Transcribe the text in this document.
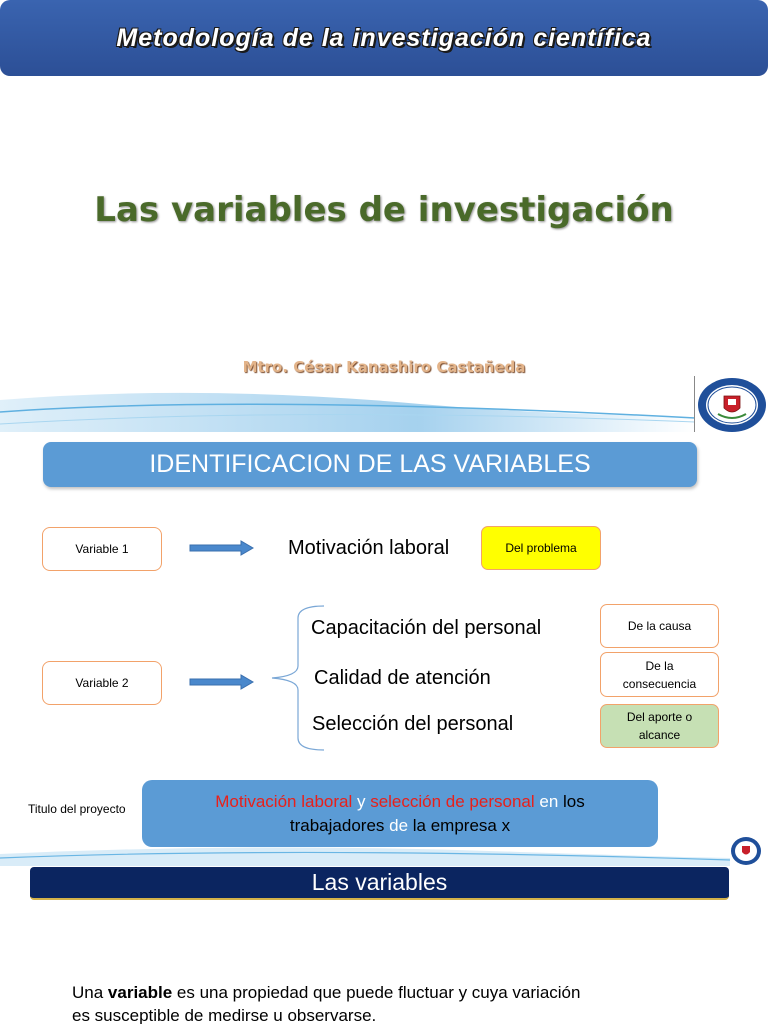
Metodología de la investigación científica
Las variables de investigación
Mtro. César Kanashiro Castañeda
IDENTIFICACION DE LAS VARIABLES
Variable 1	Motivación laboral	Del problema
Variable 2
Capacitación del personal
Calidad de atención
Selección del personal
De la causa
De la
consecuencia
Del aporte o
alcance
Titulo del proyecto	Motivación laboral y selección de personal en los
trabajadores de la empresa x
Las variables
Una variable es una propiedad que puede fluctuar y cuya variación es susceptible de medirse u observarse.
